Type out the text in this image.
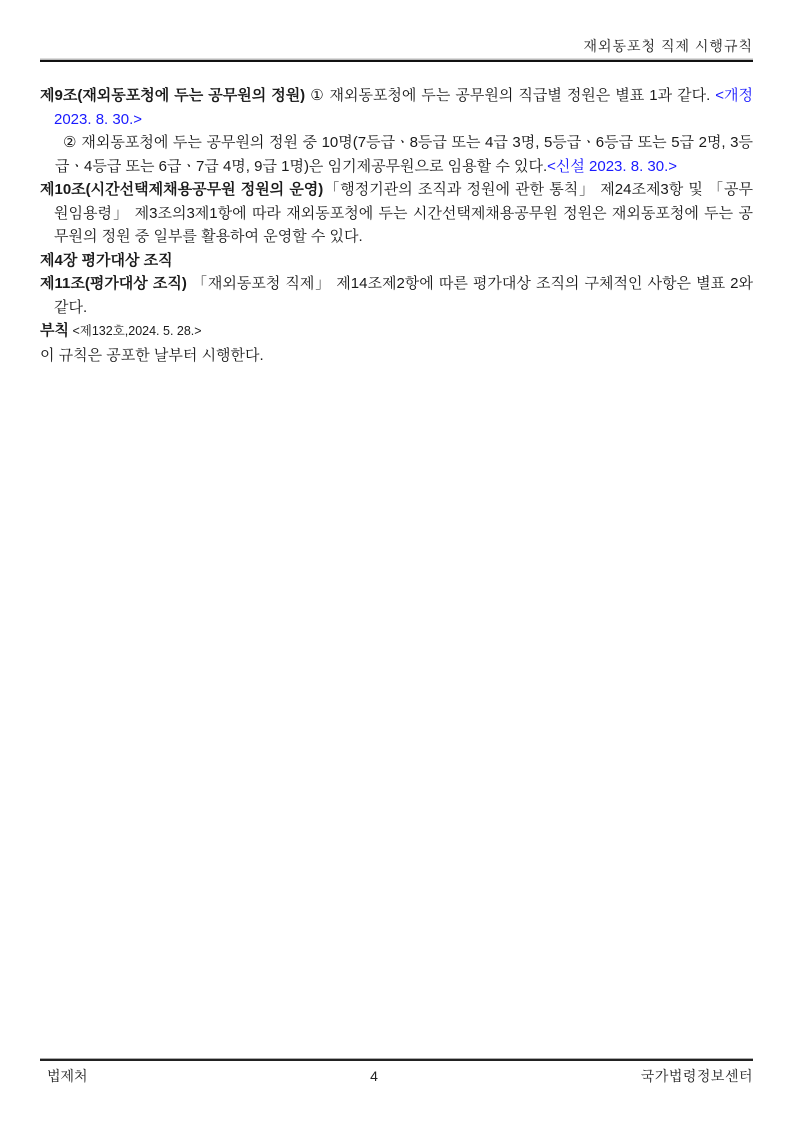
재외동포청 직제 시행규칙

제9조(재외동포청에 두는 공무원의 정원) ① 재외동포청에 두는 공무원의 직급별 정원은 별표 1과 같다. <개정 2023. 8. 30.>

② 재외동포청에 두는 공무원의 정원 중 10명(7등급ㆍ8등급 또는 4급 3명, 5등급ㆍ6등급 또는 5급 2명, 3등급ㆍ4등급 또는 6급ㆍ7급 4명, 9급 1명)은 임기제공무원으로 임용할 수 있다.<신설 2023. 8. 30.>

제10조(시간선택제채용공무원 정원의 운영)「행정기관의 조직과 정원에 관한 통칙」 제24조제3항 및 「공무원임용령」 제3조의3제1항에 따라 재외동포청에 두는 시간선택제채용공무원 정원은 재외동포청에 두는 공무원의 정원 중 일부를 활용하여 운영할 수 있다.

제4장 평가대상 조직

제11조(평가대상 조직) 「재외동포청 직제」 제14조제2항에 따른 평가대상 조직의 구체적인 사항은 별표 2와 같다.

부칙 <제132호,2024. 5. 28.>

이 규칙은 공포한 날부터 시행한다.

법제처	4	국가법령정보센터
